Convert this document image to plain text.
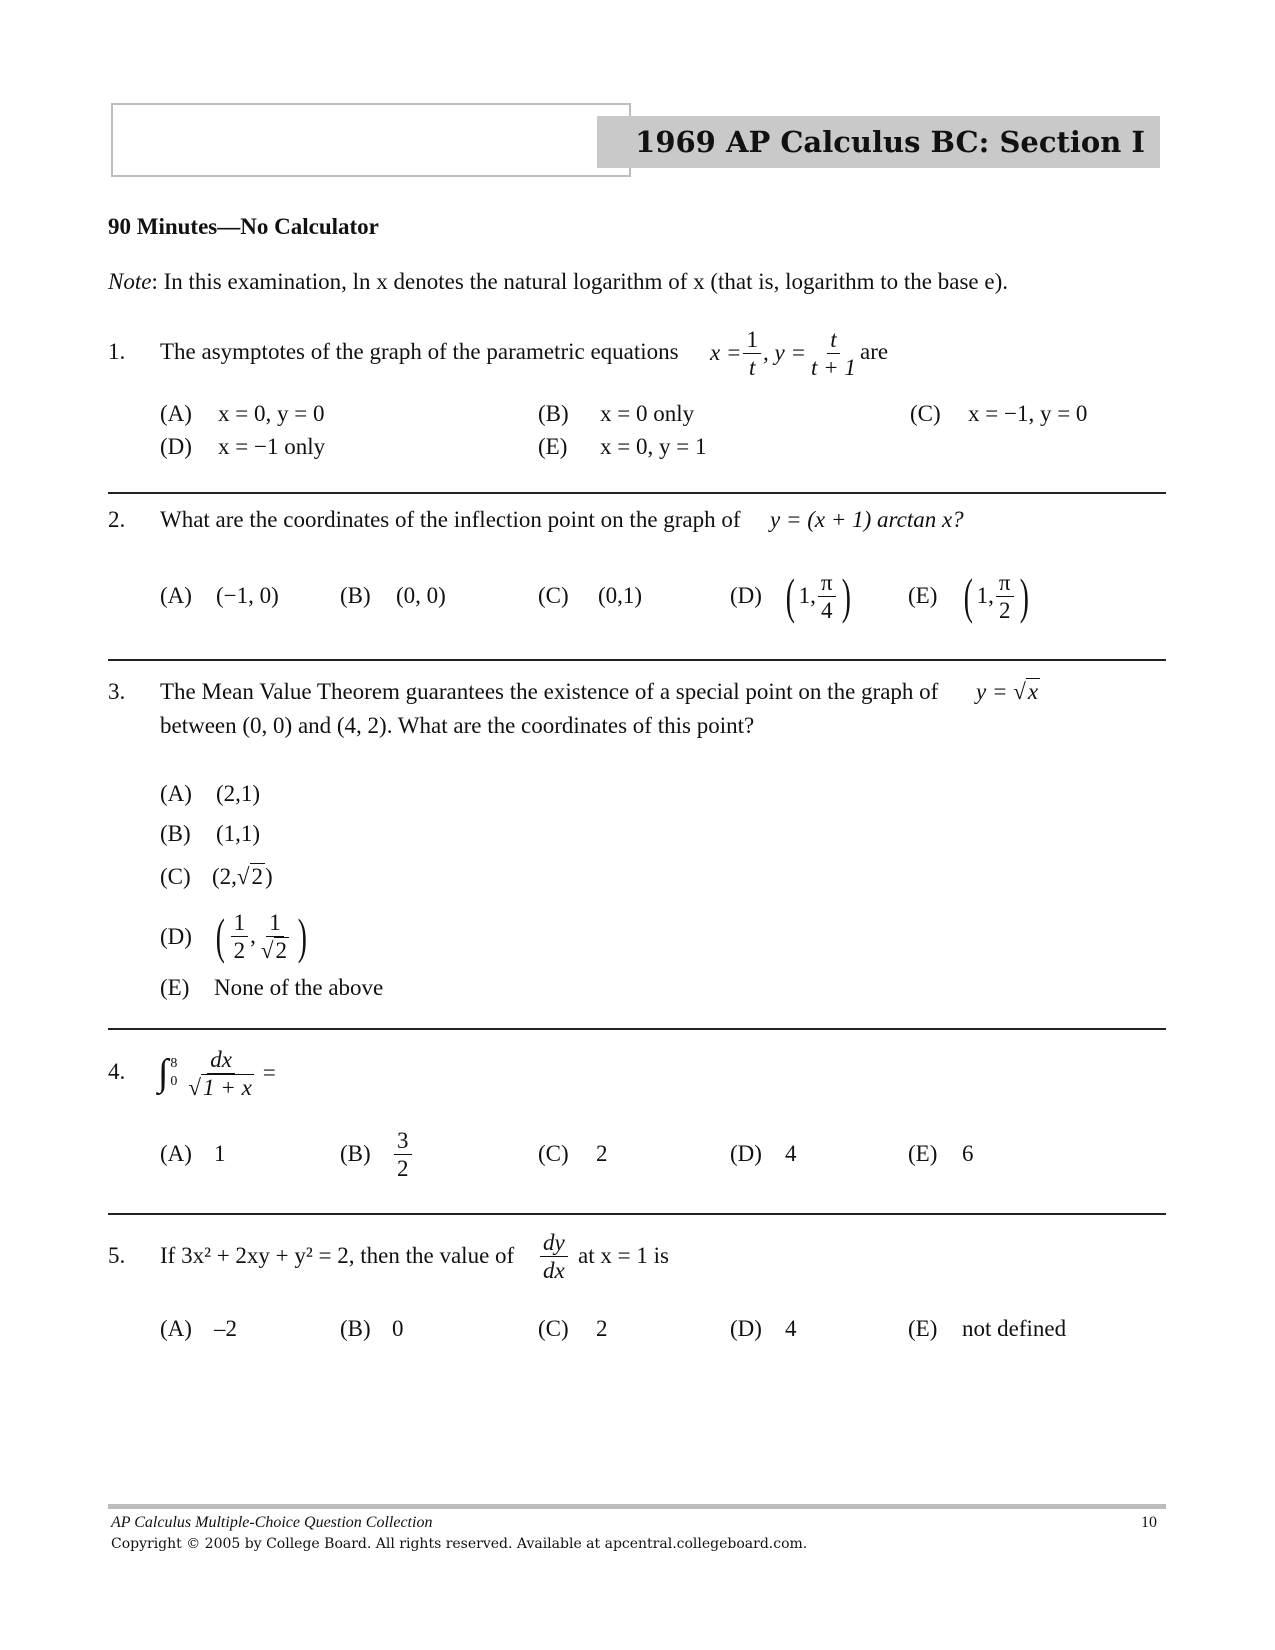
1969 AP Calculus BC: Section I
90 Minutes—No Calculator
Note: In this examination, ln x denotes the natural logarithm of x (that is, logarithm to the base e).
1. The asymptotes of the graph of the parametric equations $x = \frac{1}{t}$ , $y = \frac{t}{t + 1}$ are
(A) x = 0, y = 0	(B) x = 0 only	(C) x = −1, y = 0
(D) x = −1 only	(E) x = 0, y = 1
2. What are the coordinates of the inflection point on the graph of y = (x + 1) arctan x?
(A) (−1, 0)	(B) (0, 0)	(C) (0,1)	(D) ( 1, $\frac{\pi}{4}$ )	(E) ( 1, $\frac{\pi}{2}$ )
3. The Mean Value Theorem guarantees the existence of a special point on the graph of y = √x
between (0, 0) and (4, 2). What are the coordinates of this point?
(A) (2,1)
(B) (1,1)
(C) (2,√2)
(D) ( $\frac{1}{2}$ , $\frac{1}{√2}$ )
(E) None of the above
4. ∫ 8
$0 \frac{dx}{√1 + x}$ =
(A) 1	$(B) \frac{3}{2}$	(C) 2	(D) 4	(E) 6
5. If 3x² + 2xy + y² = 2, then the value of $\frac{dy}{dx}$ at x = 1 is
(A) –2	(B) 0	(C) 2	(D) 4	(E) not defined
AP Calculus Multiple-Choice Question Collection	10
Copyright © 2005 by College Board. All rights reserved. Available at apcentral.collegeboard.com.
